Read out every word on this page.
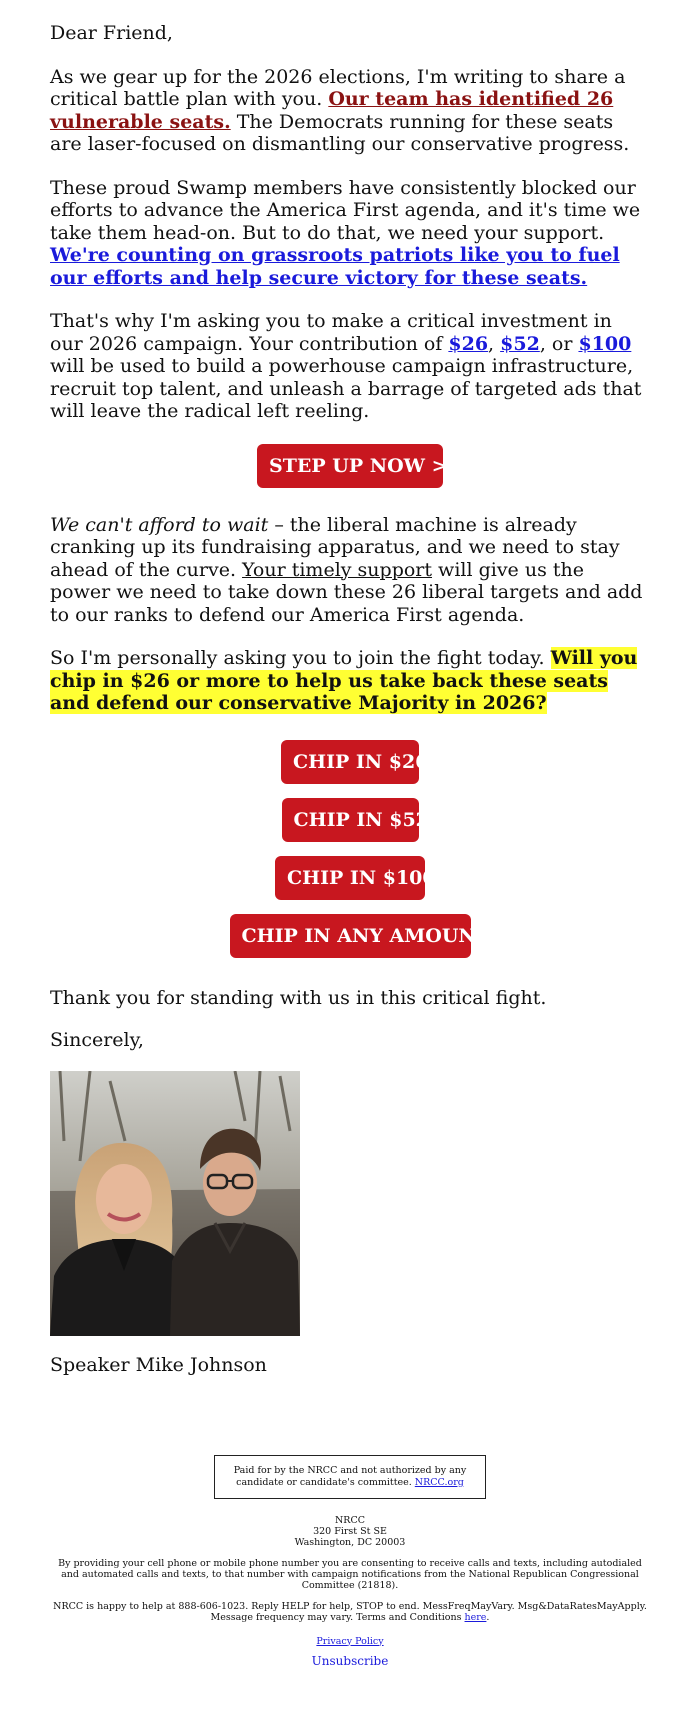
Dear Friend,

As we gear up for the 2026 elections, I'm writing to share a critical battle plan with you. Our team has identified 26 vulnerable seats. The Democrats running for these seats are laser-focused on dismantling our conservative progress.

These proud Swamp members have consistently blocked our efforts to advance the America First agenda, and it's time we take them head-on. But to do that, we need your support. We're counting on grassroots patriots like you to fuel our efforts and help secure victory for these seats.

That's why I'm asking you to make a critical investment in our 2026 campaign. Your contribution of $26, $52, or $100 will be used to build a powerhouse campaign infrastructure, recruit top talent, and unleash a barrage of targeted ads that will leave the radical left reeling.

STEP UP NOW >>

We can't afford to wait – the liberal machine is already cranking up its fundraising apparatus, and we need to stay ahead of the curve. Your timely support will give us the power we need to take down these 26 liberal targets and add to our ranks to defend our America First agenda.

So I'm personally asking you to join the fight today. Will you chip in $26 or more to help us take back these seats and defend our conservative Majority in 2026?

CHIP IN $26
CHIP IN $52
CHIP IN $100
CHIP IN ANY AMOUNT

Thank you for standing with us in this critical fight.

Sincerely,

Speaker Mike Johnson

Paid for by the NRCC and not authorized by any candidate or candidate's committee. NRCC.org
NRCC
320 First St SE
Washington, DC 20003
By providing your cell phone or mobile phone number you are consenting to receive calls and texts, including autodialed and automated calls and texts, to that number with campaign notifications from the National Republican Congressional Committee (21818).
NRCC is happy to help at 888-606-1023. Reply HELP for help, STOP to end. MessFreqMayVary. Msg&DataRatesMayApply. Message frequency may vary. Terms and Conditions here.
Privacy Policy
Unsubscribe
